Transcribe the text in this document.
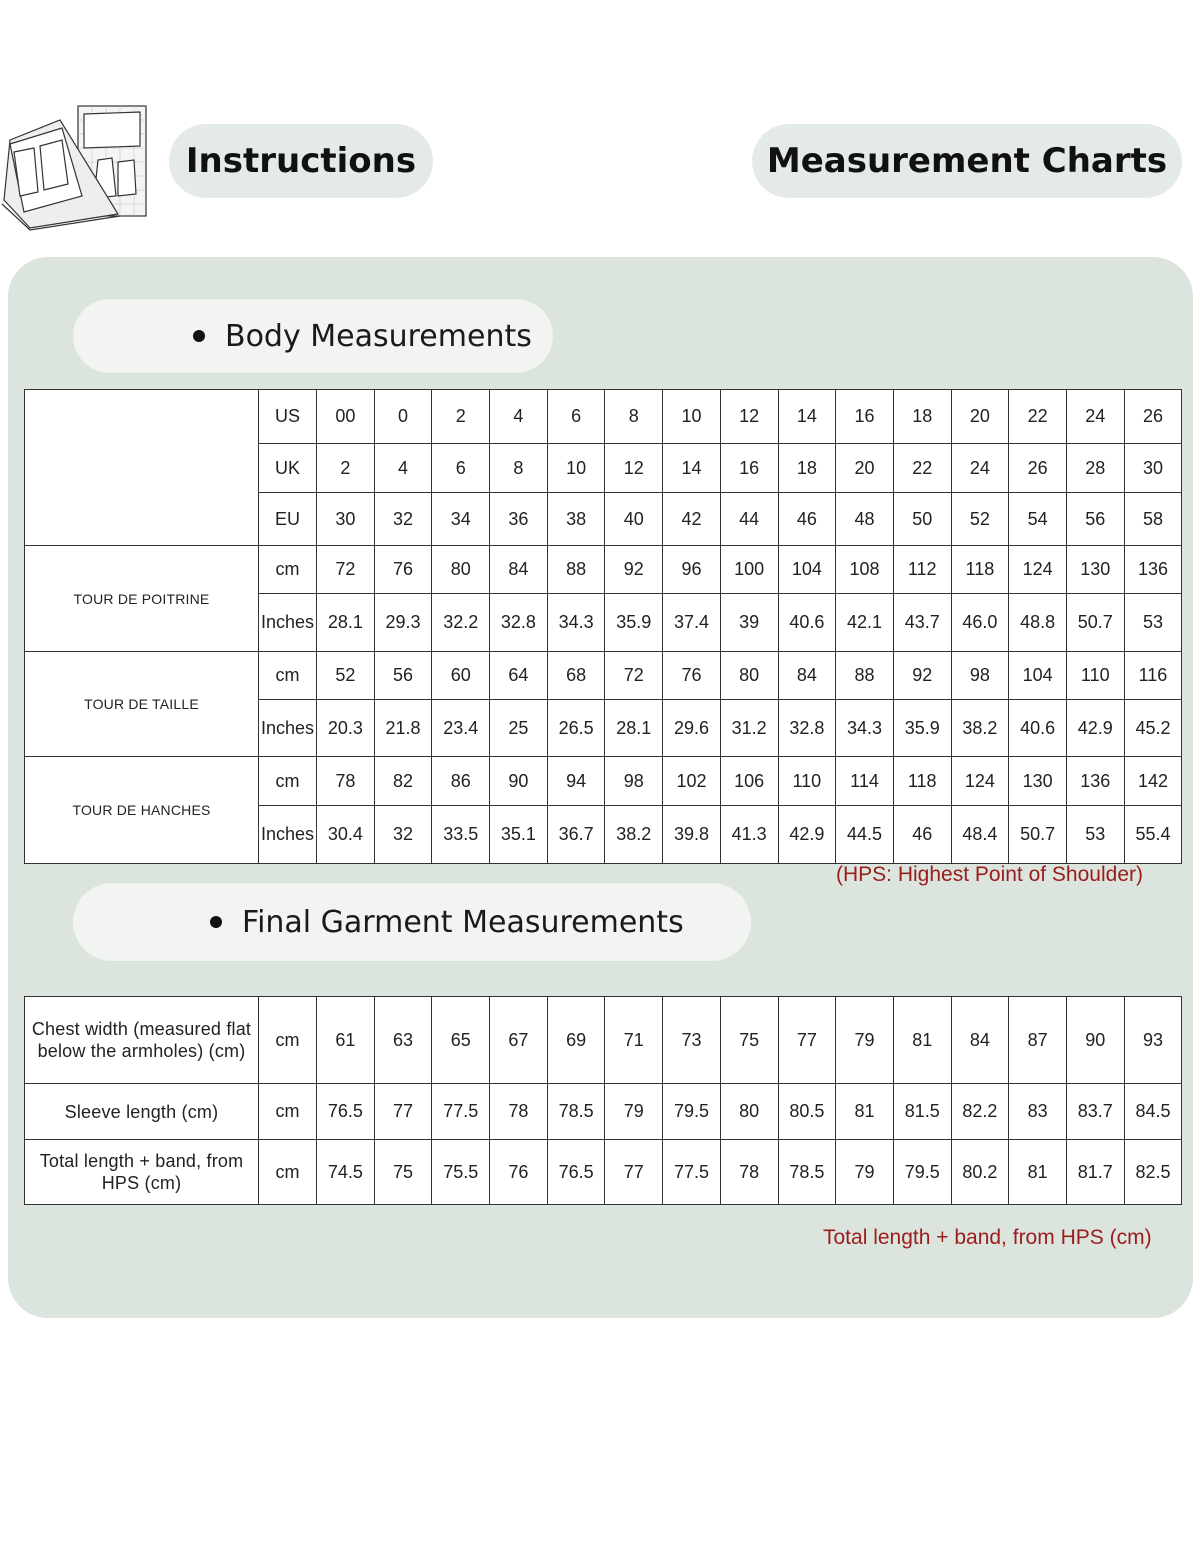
Instructions	Measurement Charts
Body Measurements
	US	00	0	2	4	6	8	10	12	14	16	18	20	22	24	26
	UK	2	4	6	8	10	12	14	16	18	20	22	24	26	28	30
	EU	30	32	34	36	38	40	42	44	46	48	50	52	54	56	58
TOUR DE POITRINE	cm	72	76	80	84	88	92	96	100	104	108	112	118	124	130	136
	Inches	28.1	29.3	32.2	32.8	34.3	35.9	37.4	39	40.6	42.1	43.7	46.0	48.8	50.7	53
TOUR DE TAILLE	cm	52	56	60	64	68	72	76	80	84	88	92	98	104	110	116
	Inches	20.3	21.8	23.4	25	26.5	28.1	29.6	31.2	32.8	34.3	35.9	38.2	40.6	42.9	45.2
TOUR DE HANCHES	cm	78	82	86	90	94	98	102	106	110	114	118	124	130	136	142
	Inches	30.4	32	33.5	35.1	36.7	38.2	39.8	41.3	42.9	44.5	46	48.4	50.7	53	55.4
(HPS: Highest Point of Shoulder)
Final Garment Measurements
Chest width (measured flat below the armholes) (cm)	cm	61	63	65	67	69	71	73	75	77	79	81	84	87	90	93
Sleeve length (cm)	cm	76.5	77	77.5	78	78.5	79	79.5	80	80.5	81	81.5	82.2	83	83.7	84.5
Total length + band, from HPS (cm)	cm	74.5	75	75.5	76	76.5	77	77.5	78	78.5	79	79.5	80.2	81	81.7	82.5
Total length + band, from HPS (cm)
